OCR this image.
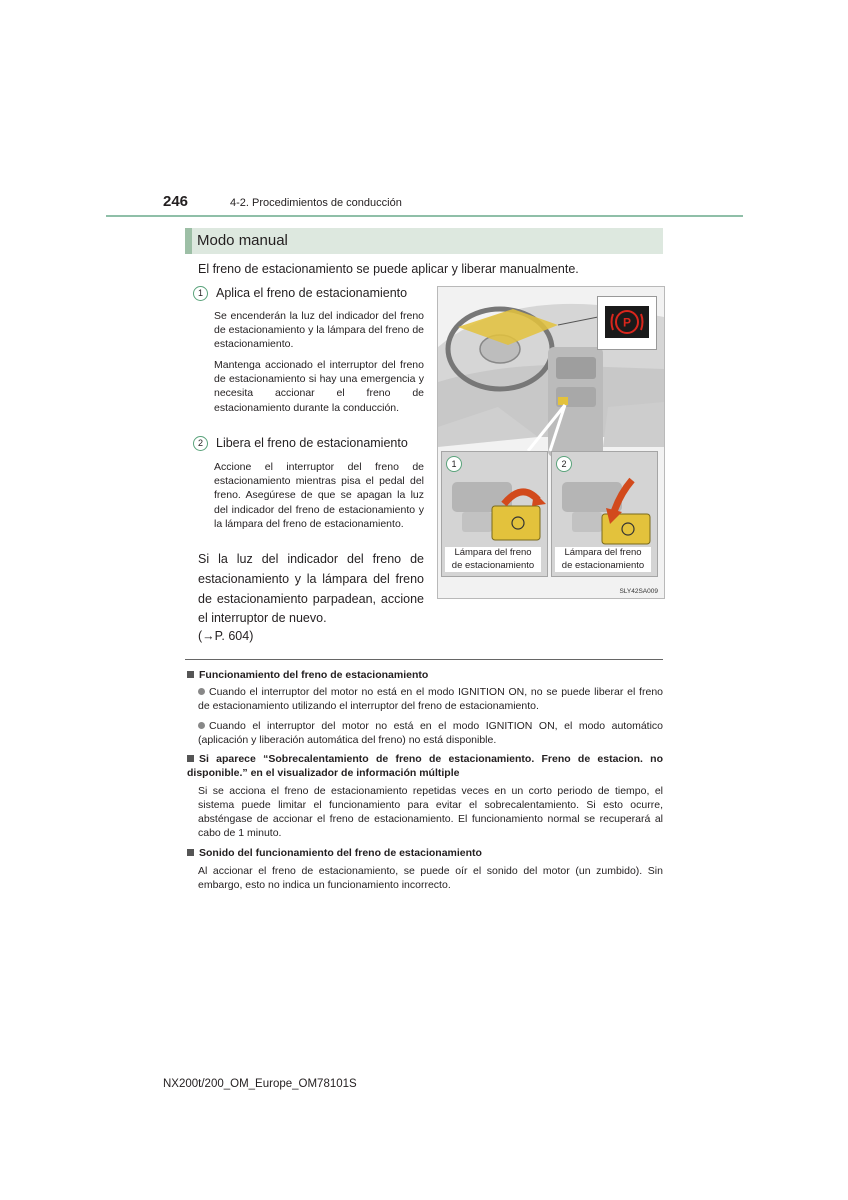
246	4-2. Procedimientos de conducción
Modo manual
El freno de estacionamiento se puede aplicar y liberar manualmente.
1 Aplica el freno de estacionamiento
Se encenderán la luz del indicador del freno de estacionamiento y la lámpara del freno de estacionamiento.
Mantenga accionado el interruptor del freno de estacionamiento si hay una emergencia y necesita accionar el freno de estacionamiento durante la conducción.
2 Libera el freno de estacionamiento
Accione el interruptor del freno de estacionamiento mientras pisa el pedal del freno. Asegúrese de que se apagan la luz del indicador del freno de estacionamiento y la lámpara del freno de estacionamiento.
Si la luz del indicador del freno de estacionamiento y la lámpara del freno de estacionamiento parpadean, accione el interruptor de nuevo.
(→P. 604)
P
1
Lámpara del freno
de estacionamiento
2
Lámpara del freno
de estacionamiento
SLY42SA009
Funcionamiento del freno de estacionamiento
Cuando el interruptor del motor no está en el modo IGNITION ON, no se puede liberar el freno de estacionamiento utilizando el interruptor del freno de estacionamiento.
Cuando el interruptor del motor no está en el modo IGNITION ON, el modo automático (aplicación y liberación automática del freno) no está disponible.
Si aparece “Sobrecalentamiento de freno de estacionamiento. Freno de estacion. no disponible.” en el visualizador de información múltiple
Si se acciona el freno de estacionamiento repetidas veces en un corto periodo de tiempo, el sistema puede limitar el funcionamiento para evitar el sobrecalentamiento. Si esto ocurre, absténgase de accionar el freno de estacionamiento. El funcionamiento normal se recuperará al cabo de 1 minuto.
Sonido del funcionamiento del freno de estacionamiento
Al accionar el freno de estacionamiento, se puede oír el sonido del motor (un zumbido). Sin embargo, esto no indica un funcionamiento incorrecto.
NX200t/200_OM_Europe_OM78101S
